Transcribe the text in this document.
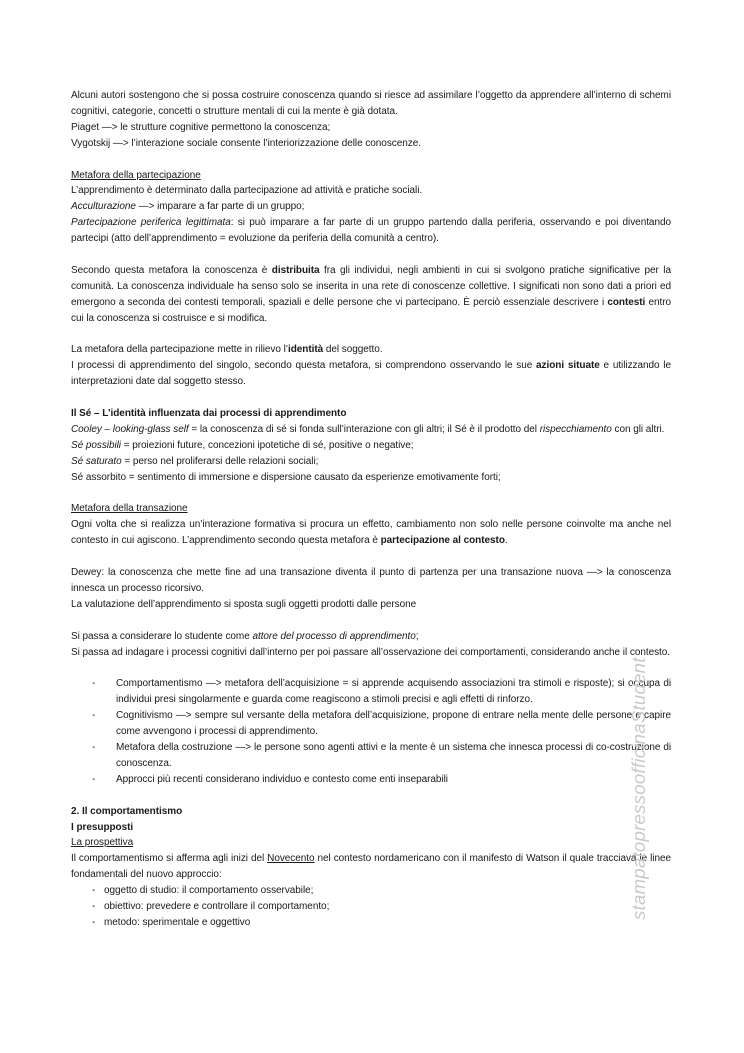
Alcuni autori sostengono che si possa costruire conoscenza quando si riesce ad assimilare l’oggetto da apprendere all’interno di schemi cognitivi, categorie, concetti o strutture mentali di cui la mente è già dotata.

Piaget —> le strutture cognitive permettono la conoscenza;

Vygotskij —> l’interazione sociale consente l’interiorizzazione delle conoscenze.

Metafora della partecipazione

L’apprendimento è determinato dalla partecipazione ad attività e pratiche sociali.

Acculturazione —> imparare a far parte di un gruppo;

Partecipazione periferica legittimata: si può imparare a far parte di un gruppo partendo dalla periferia, osservando e poi diventando partecipi (atto dell’apprendimento = evoluzione da periferia della comunità a centro).

Secondo questa metafora la conoscenza è distribuita fra gli individui, negli ambienti in cui si svolgono pratiche significative per la comunità. La conoscenza individuale ha senso solo se inserita in una rete di conoscenze collettive. I significati non sono dati a priori ed emergono a seconda dei contesti temporali, spaziali e delle persone che vi partecipano. È perciò essenziale descrivere i contesti entro cui la conoscenza si costruisce e si modifica.

La metafora della partecipazione mette in rilievo l’identità del soggetto.

I processi di apprendimento del singolo, secondo questa metafora, si comprendono osservando le sue azioni situate e utilizzando le interpretazioni date dal soggetto stesso.

Il Sé – L’identità influenzata dai processi di apprendimento

Cooley – looking-glass self = la conoscenza di sé si fonda sull’interazione con gli altri; il Sé è il prodotto del rispecchiamento con gli altri.

Sé possibili = proiezioni future, concezioni ipotetiche di sé, positive o negative;

Sé saturato = perso nel proliferarsi delle relazioni sociali;

Sé assorbito = sentimento di immersione e dispersione causato da esperienze emotivamente forti;

Metafora della transazione

Ogni volta che si realizza un’interazione formativa si procura un effetto, cambiamento non solo nelle persone coinvolte ma anche nel contesto in cui agiscono. L’apprendimento secondo questa metafora è partecipazione al contesto.

Dewey: la conoscenza che mette fine ad una transazione diventa il punto di partenza per una transazione nuova —> la conoscenza innesca un processo ricorsivo.

La valutazione dell’apprendimento si sposta sugli oggetti prodotti dalle persone

Si passa a considerare lo studente come attore del processo di apprendimento;

Si passa ad indagare i processi cognitivi dall’interno per poi passare all’osservazione dei comportamenti, considerando anche il contesto.

- Comportamentismo —> metafora dell’acquisizione = si apprende acquisendo associazioni tra stimoli e risposte); si occupa di individui presi singolarmente e guarda come reagiscono a stimoli precisi e agli effetti di rinforzo.
- Cognitivismo —> sempre sul versante della metafora dell’acquisizione, propone di entrare nella mente delle persone e capire come avvengono i processi di apprendimento.
- Metafora della costruzione —> le persone sono agenti attivi e la mente è un sistema che innesca processi di co-costruzione di conoscenza.
- Approcci più recenti considerano individuo e contesto come enti inseparabili

2. Il comportamentismo

I presupposti

La prospettiva

Il comportamentismo si afferma agli inizi del Novecento nel contesto nordamericano con il manifesto di Watson il quale tracciava le linee fondamentali del nuovo approccio:

- oggetto di studio: il comportamento osservabile;
- obiettivo: prevedere e controllare il comportamento;
- metodo: sperimentale e oggettivo
stampatopressoofficinaStudent
